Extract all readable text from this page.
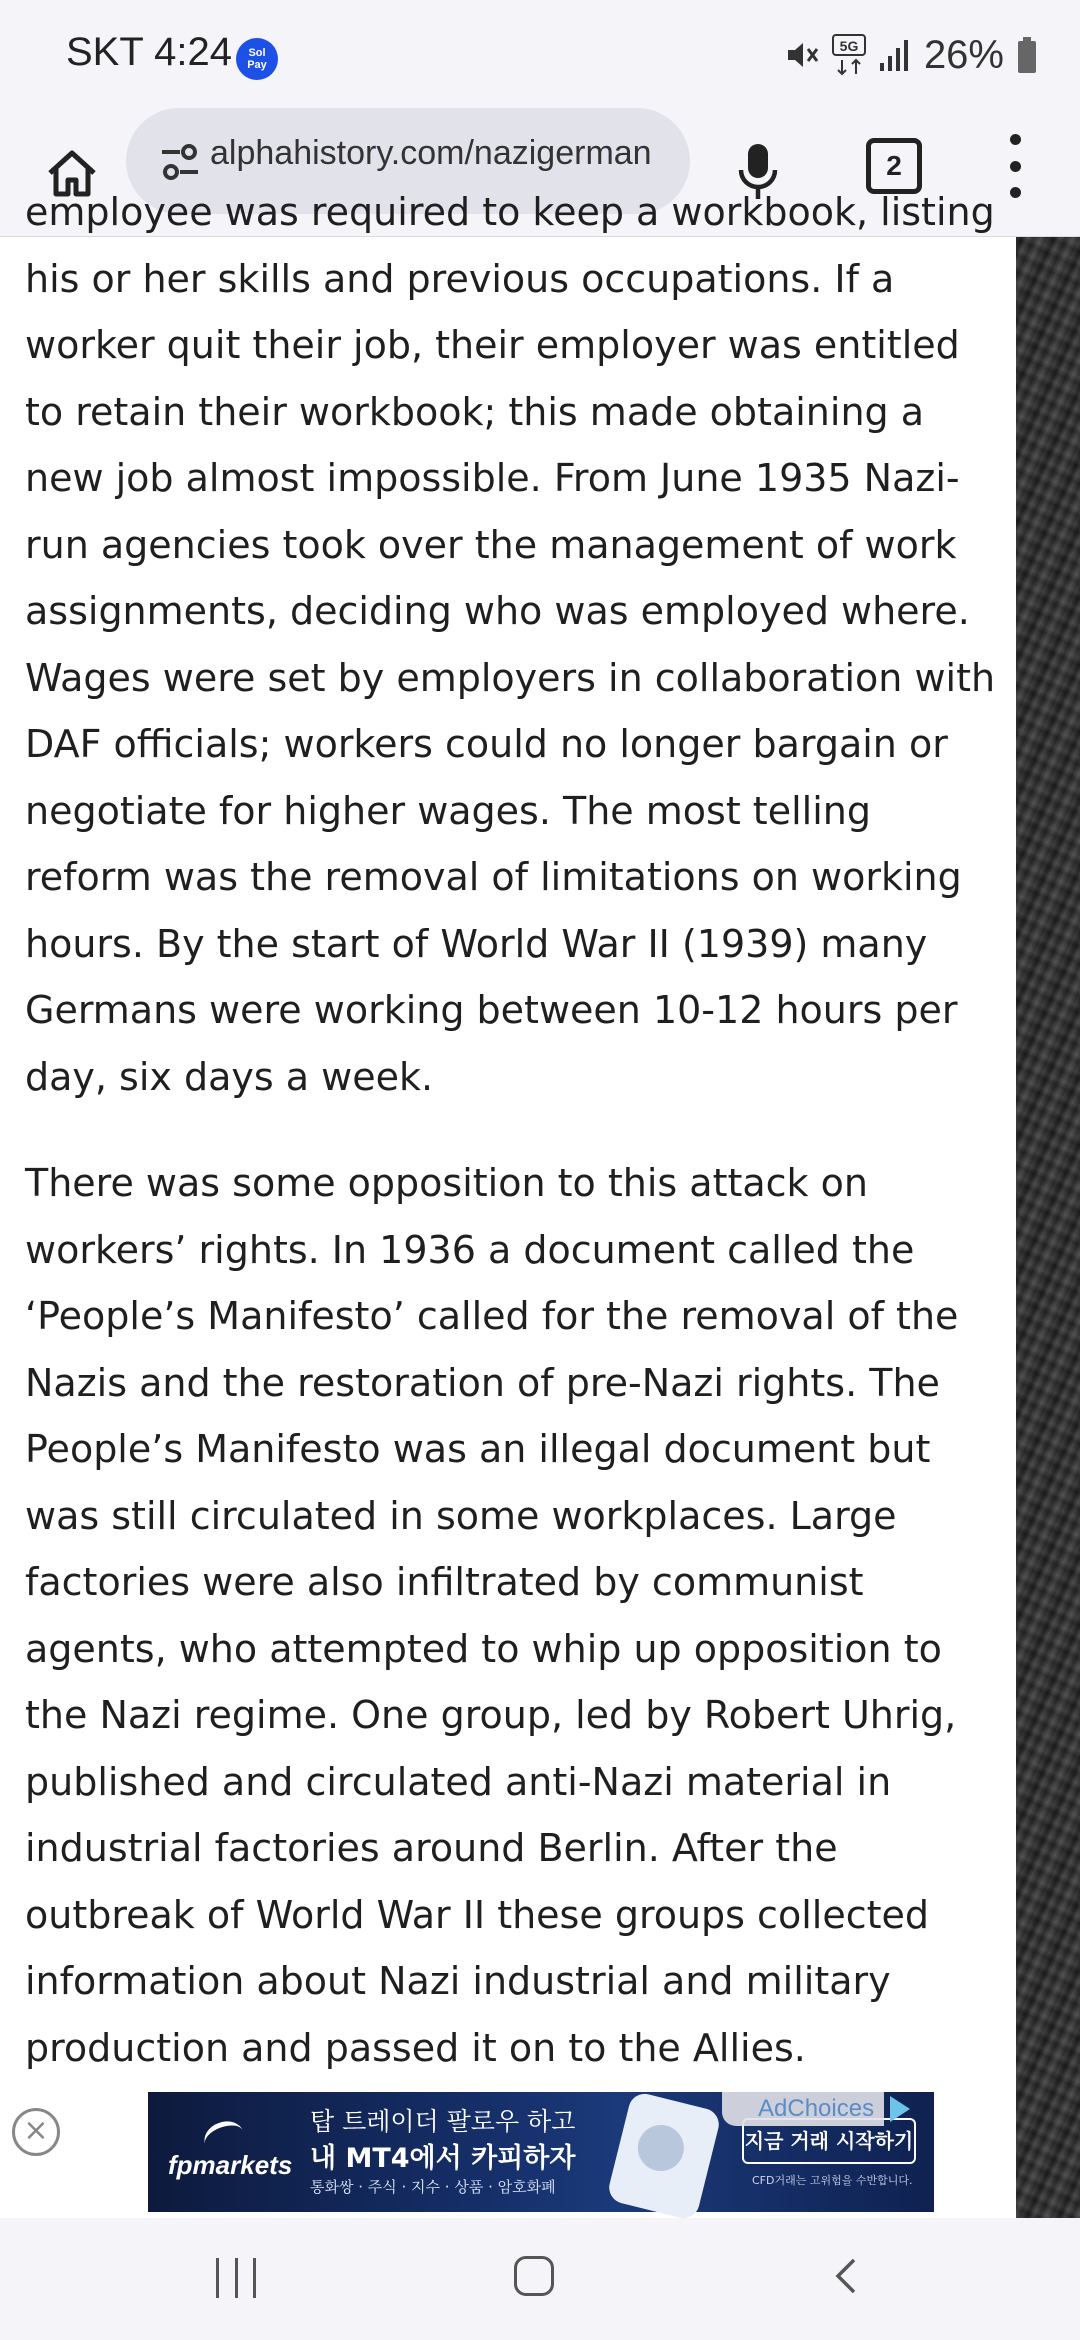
SKT 4:24	Sol
Pay
5G 26%
alphahistory.com/nazigerman	2

employee was required to keep a workbook, listing his or her skills and previous occupations. If a worker quit their job, their employer was entitled to retain their workbook; this made obtaining a new job almost impossible. From June 1935 Nazi-run agencies took over the management of work assignments, deciding who was employed where. Wages were set by employers in collaboration with DAF officials; workers could no longer bargain or negotiate for higher wages. The most telling reform was the removal of limitations on working hours. By the start of World War II (1939) many Germans were working between 10-12 hours per day, six days a week.

There was some opposition to this attack on workers’ rights. In 1936 a document called the ‘People’s Manifesto’ called for the removal of the Nazis and the restoration of pre-Nazi rights. The People’s Manifesto was an illegal document but was still circulated in some workplaces. Large factories were also infiltrated by communist agents, who attempted to whip up opposition to the Nazi regime. One group, led by Robert Uhrig, published and circulated anti-Nazi material in industrial factories around Berlin. After the outbreak of World War II these groups collected information about Nazi industrial and military production and passed it on to the Allies.

×
fpmarkets
탑 트레이더 팔로우 하고
내 MT4에서 카피하자
통화쌍 · 주식 · 지수 · 상품 · 암호화폐
지금 거래 시작하기
CFD거래는 고위험을 수반합니다.
AdChoices
